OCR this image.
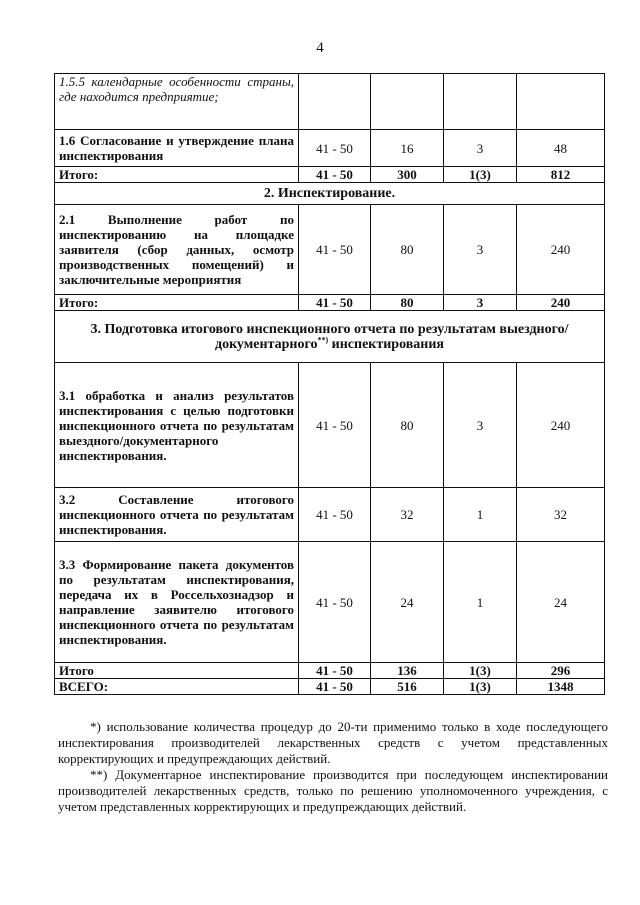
4
1.5.5 календарные особенности страны, где находится предприятие;				
1.6 Согласование и утверждение плана инспектирования	41 - 50	16	3	48
Итого:	41 - 50	300	1(3)	812
2. Инспектирование.				
2.1 Выполнение работ по инспектированию на площадке заявителя (сбор данных, осмотр производственных помещений) и заключительные мероприятия	41 - 50	80	3	240
Итого:	41 - 50	80	3	240
3. Подготовка итогового инспекционного отчета по результатам выездного/документарного**) инспектирования				
3.1 обработка и анализ результатов инспектирования с целью подготовки инспекционного отчета по результатам выездного/документарного инспектирования.	41 - 50	80	3	240
3.2 Составление итогового инспекционного отчета по результатам инспектирования.	41 - 50	32	1	32
3.3 Формирование пакета документов по результатам инспектирования, передача их в Россельхознадзор и направление заявителю итогового инспекционного отчета по результатам инспектирования.	41 - 50	24	1	24
Итого	41 - 50	136	1(3)	296
ВСЕГО:	41 - 50	516	1(3)	1348

*) использование количества процедур до 20-ти применимо только в ходе последующего инспектирования производителей лекарственных средств с учетом представленных корректирующих и предупреждающих действий.

**) Документарное инспектирование производится при последующем инспектировании производителей лекарственных средств, только по решению уполномоченного учреждения, с учетом представленных корректирующих и предупреждающих действий.
